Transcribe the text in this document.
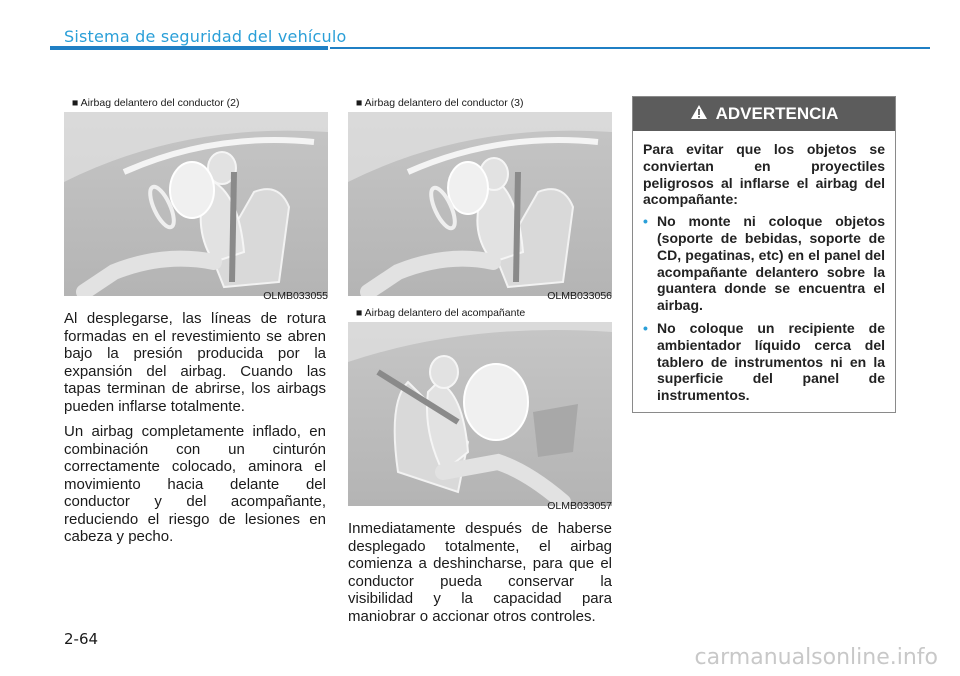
Sistema de seguridad del vehículo
■ Airbag delantero del conductor (2)
OLMB033055
■ Airbag delantero del conductor (3)
OLMB033056
■ Airbag delantero del acompañante
OLMB033057

Al desplegarse, las líneas de rotura formadas en el revestimiento se abren bajo la presión producida por la expansión del airbag. Cuando las tapas terminan de abrirse, los airbags pueden inflarse totalmente.

Un airbag completamente inflado, en combinación con un cinturón correctamente colocado, aminora el movimiento hacia delante del conductor y del acompañante, reduciendo el riesgo de lesiones en cabeza y pecho.	Inmediatamente después de haberse desplegado totalmente, el airbag comienza a deshincharse, para que el conductor pueda conservar la visibilidad y la capacidad para maniobrar o accionar otros controles.

ADVERTENCIA

Para evitar que los objetos se conviertan en proyectiles peligrosos al inflarse el airbag del acompañante:

• No monte ni coloque objetos (soporte de bebidas, soporte de CD, pegatinas, etc) en el panel del acompañante delantero sobre la guantera donde se encuentra el airbag.
• No coloque un recipiente de ambientador líquido cerca del tablero de instrumentos ni en la superficie del panel de instrumentos.
2-64
carmanualsonline.info
